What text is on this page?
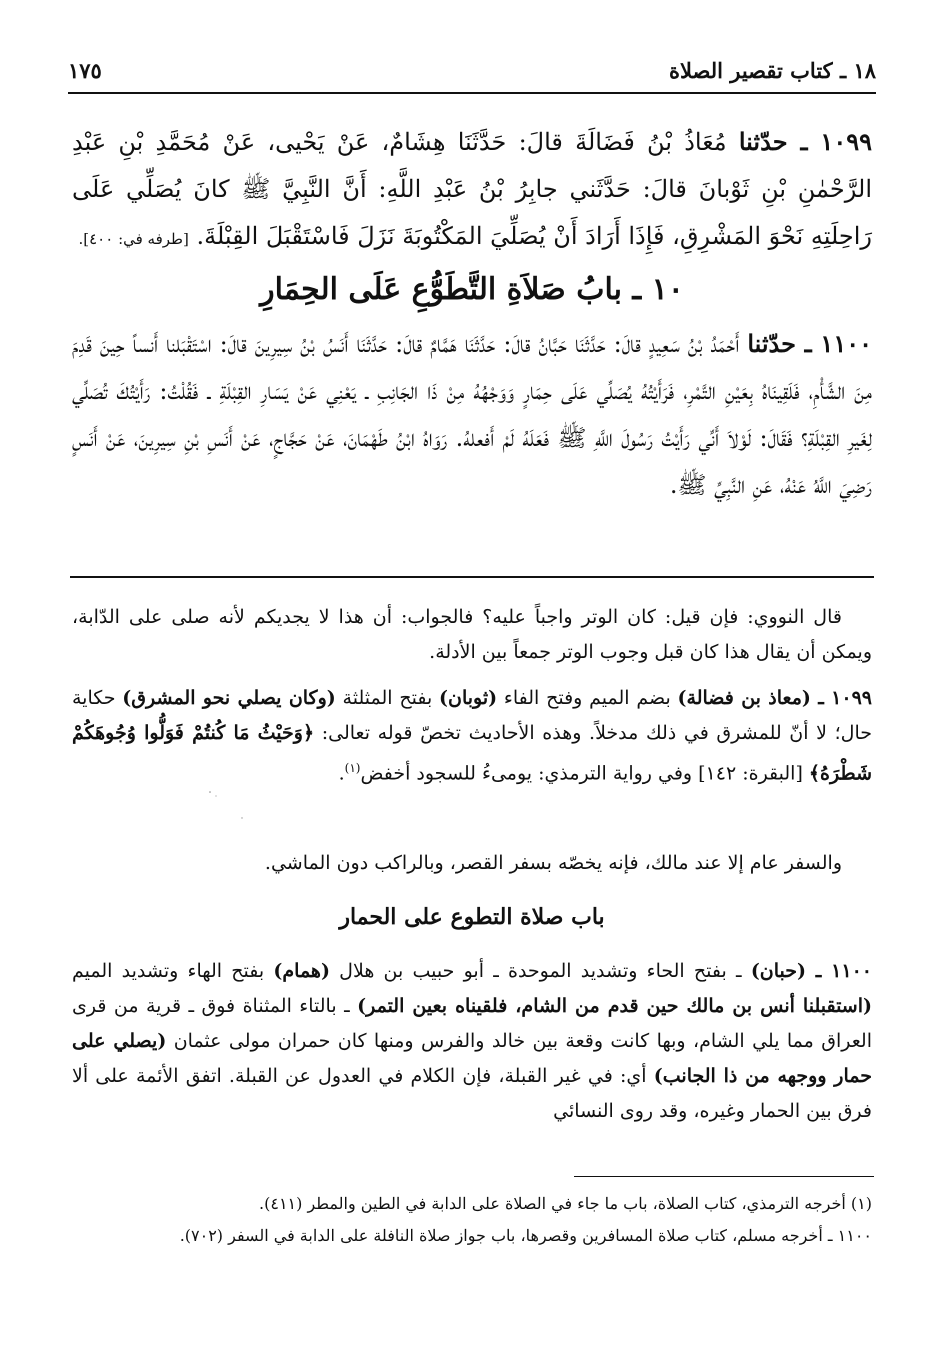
١٨ ـ كتاب تقصير الصلاة
١٧٥

١٠٩٩ ـ حدّثنا مُعَاذُ بْنُ فَضَالَةَ قالَ: حَدَّثَنَا هِشَامٌ، عَنْ يَحْيى، عَنْ مُحَمَّدِ بْنِ عَبْدِ الرَّحْمٰنِ بْنِ ثَوْبانَ قالَ: حَدَّثَني جابِرُ بْنُ عَبْدِ اللَّهِ: أَنَّ النَّبِيَّ ﷺ كانَ يُصَلِّي عَلَى رَاحِلَتِهِ نَحْوَ المَشْرِقِ، فَإِذَا أَرَادَ أَنْ يُصَلِّيَ المَكْتُوبَةَ نَزَلَ فَاسْتَقْبَلَ القِبْلَةَ. [طرفه في: ٤٠٠].

١٠ ـ بابُ صَلاَةِ التَّطَوُّعِ عَلَى الحِمَارِ

١١٠٠ ـ حدّثنا أَحْمَدُ بْنُ سَعِيدٍ قالَ: حَدَّثَنَا حَبَّانُ قالَ: حَدَّثَنَا هَمَّامٌ قالَ: حَدَّثَنَا أَنَسُ بْنُ سِيرِينَ قالَ: اسْتَقْبَلنا أَنساً حِينَ قَدِمَ مِنَ الشَّأْمِ، فَلَقِينَاهُ بِعَيْنِ التَّمْرِ، فَرَأَيْتُهُ يُصَلِّي عَلَى حِمَارٍ وَوَجْهُهُ مِنْ ذَا الجَانِبِ ـ يَعْنِي عَنْ يَسَارِ القِبْلَةِ ـ فَقُلْتُ: رَأَيْتُكَ تُصَلِّي لِغَيرِ القِبْلَةِ؟ فَقَالَ: لَوْلاَ أَنِّي رَأَيْتُ رَسُولَ اللَّهِ ﷺ فَعَلَهُ لَمْ أَفعلهُ. رَوَاهُ ابْنُ طَهْمَانَ، عَنْ حَجَّاجٍ، عَنْ أَنَسِ بْنِ سِيرِينَ، عَنْ أَنَسٍ رَضِيَ اللَّهُ عَنْهُ، عَنِ النَّبِيِّ ﷺ.

قال النووي: فإن قيل: كان الوتر واجباً عليه؟ فالجواب: أن هذا لا يجديكم لأنه صلى على الدّابة، ويمكن أن يقال هذا كان قبل وجوب الوتر جمعاً بين الأدلة.

١٠٩٩ ـ (معاذ بن فضالة) بضم الميم وفتح الفاء (ثوبان) بفتح المثلثة (وكان يصلي نحو المشرق) حكاية حال؛ لا أنّ للمشرق في ذلك مدخلاً. وهذه الأحاديث تخصّ قوله تعالى: ﴿وَحَيْثُ مَا كُنتُمْ فَوَلُّوا وُجُوهَكُمْ شَطْرَهُ﴾ [البقرة: ١٤٢] وفي رواية الترمذي: يومىءُ للسجود أخفض$^{(١)}$.

والسفر عام إلا عند مالك، فإنه يخصّه بسفر القصر، وبالراكب دون الماشي.

باب صلاة التطوع على الحمار

١١٠٠ ـ (حبان) ـ بفتح الحاء وتشديد الموحدة ـ أبو حبيب بن هلال (همام) بفتح الهاء وتشديد الميم (استقبلنا أنس بن مالك حين قدم من الشام، فلقيناه بعين التمر) ـ بالتاء المثناة فوق ـ قرية من قرى العراق مما يلي الشام، وبها كانت وقعة بين خالد والفرس ومنها كان حمران مولى عثمان (يصلي على حمار ووجهه من ذا الجانب) أي: في غير القبلة، فإن الكلام في العدول عن القبلة. اتفق الأئمة على ألا فرق بين الحمار وغيره، وقد روى النسائي

(١) أخرجه الترمذي، كتاب الصلاة، باب ما جاء في الصلاة على الدابة في الطين والمطر (٤١١).

١١٠٠ ـ أخرجه مسلم، كتاب صلاة المسافرين وقصرها، باب جواز صلاة النافلة على الدابة في السفر (٧٠٢).
